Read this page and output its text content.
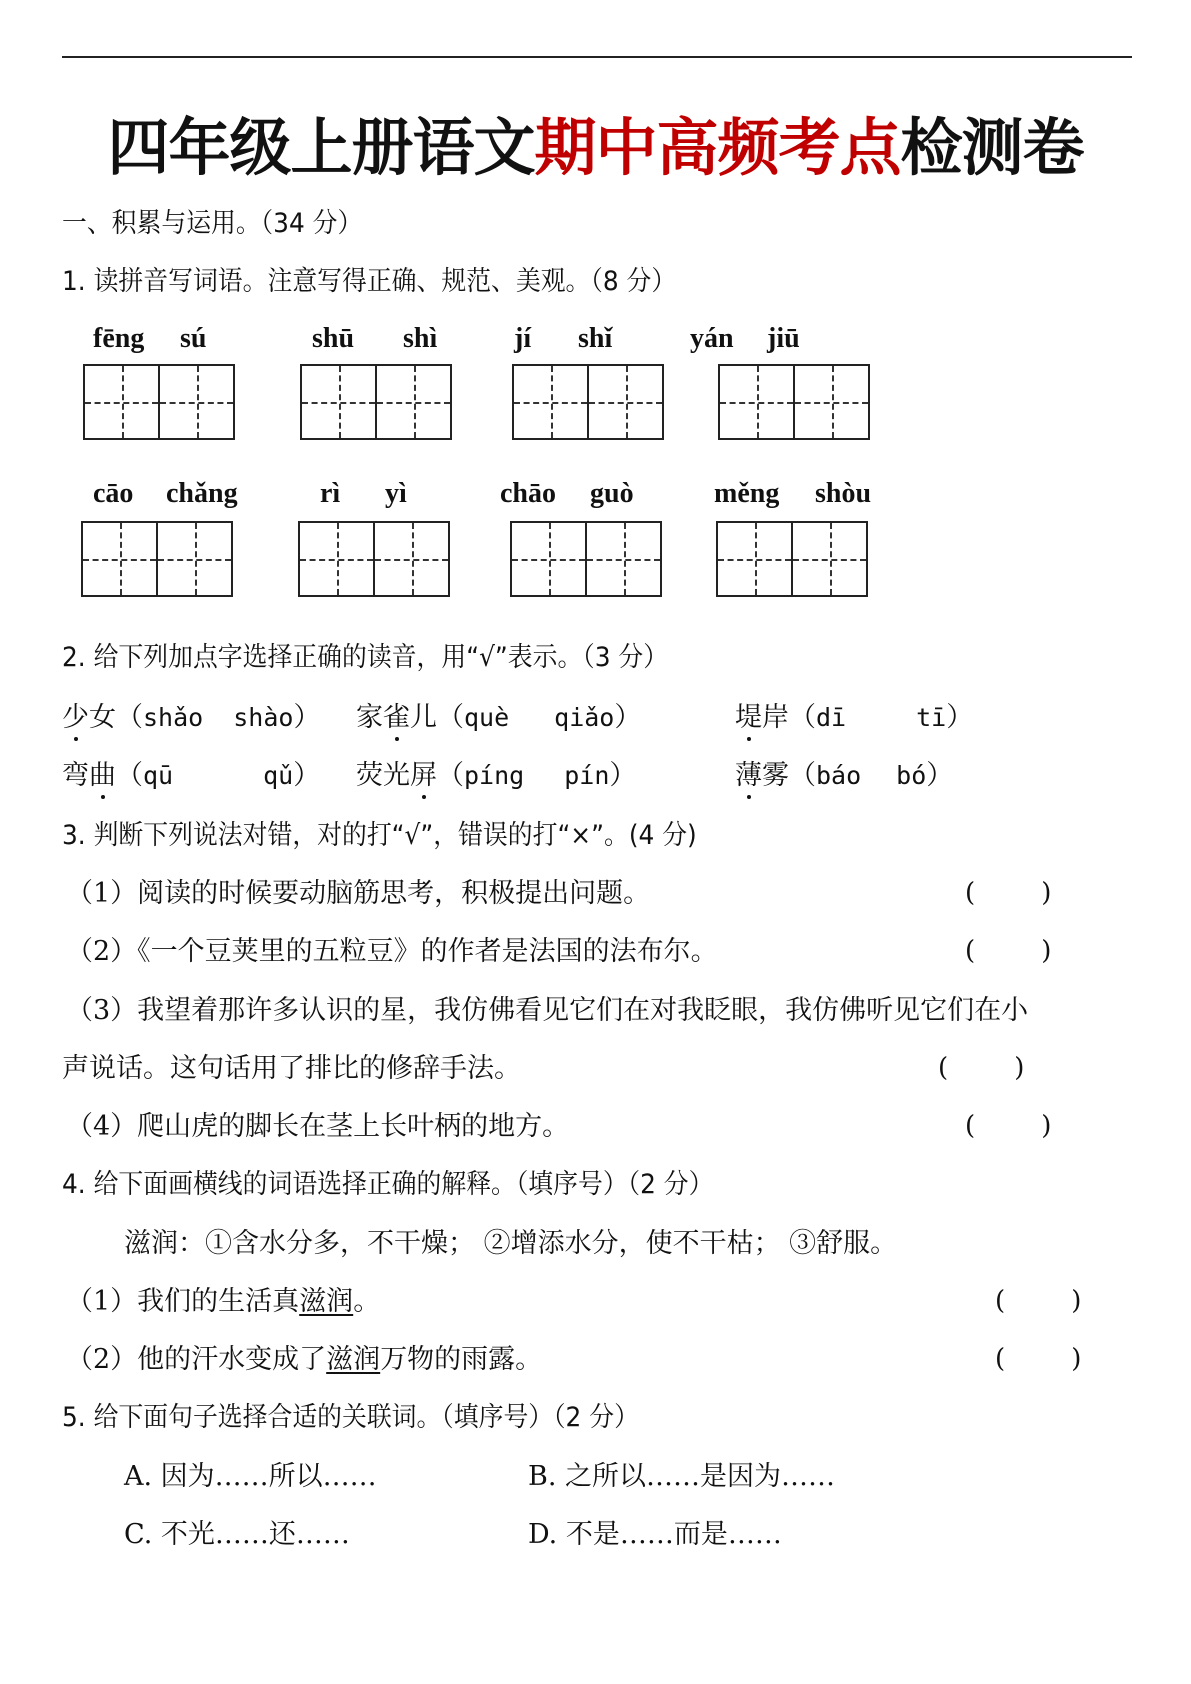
四年级上册语文期中高频考点检测卷
一、积累与运用。（34 分）
1. 读拼音写词语。注意写得正确、规范、美观。（8 分）
fēng sú	shū shì	jí shǐ	yán jiū
cāo chǎng	rì yì	chāo guò	měng shòu
2. 给下列加点字选择正确的读音，用“√”表示。（3 分）
少女（shǎo shào） 家雀儿（què qiǎo）	堤岸（dī	tī）
弯曲（qū	qǔ） 荧光屏（píng pín）	薄雾（báo bó）
3. 判断下列说法对错，对的打“√”，错误的打“×”。(4 分)
（1）阅读的时候要动脑筋思考，积极提出问题。	(        )
（2）《一个豆荚里的五粒豆》的作者是法国的法布尔。	(        )
（3）我望着那许多认识的星，我仿佛看见它们在对我眨眼，我仿佛听见它们在小
声说话。这句话用了排比的修辞手法。	(        )
（4）爬山虎的脚长在茎上长叶柄的地方。	(        )
4. 给下面画横线的词语选择正确的解释。（填序号）（2 分）
滋润：①含水分多，不干燥； ②增添水分，使不干枯； ③舒服。
（1）我们的生活真滋润。	(        )
（2）他的汗水变成了滋润万物的雨露。	(        )
5. 给下面句子选择合适的关联词。（填序号）（2 分）
A. 因为……所以……	B. 之所以……是因为……
C. 不光……还……	D. 不是……而是……
